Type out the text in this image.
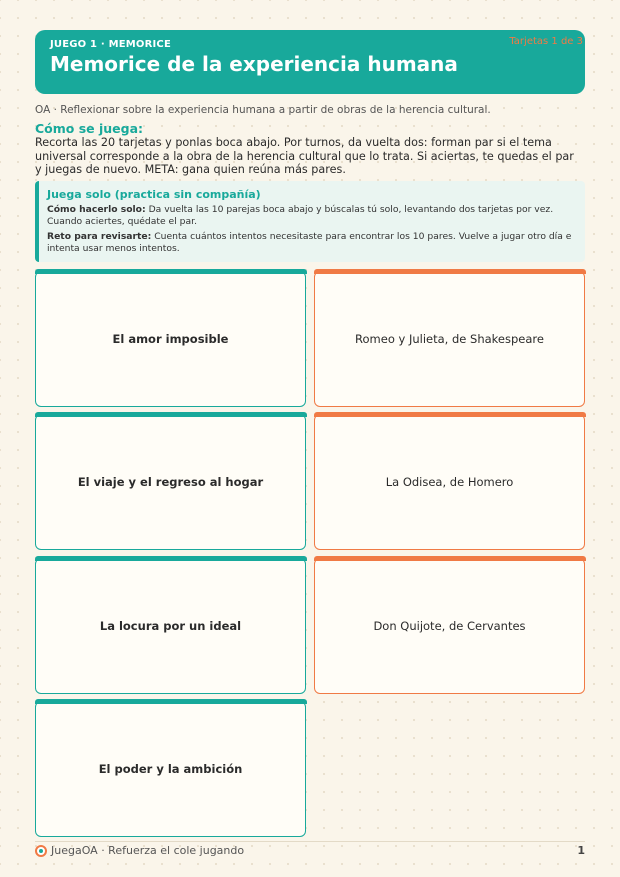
JUEGO 1 · MEMORICE
Memorice de la experiencia humana
Tarjetas 1 de 3
OA · Reflexionar sobre la experiencia humana a partir de obras de la herencia cultural.
Cómo se juega:
Recorta las 20 tarjetas y ponlas boca abajo. Por turnos, da vuelta dos: forman par si el tema universal corresponde a la obra de la herencia cultural que lo trata. Si aciertas, te quedas el par y juegas de nuevo. META: gana quien reúna más pares.
Juega solo (practica sin compañía)

Cómo hacerlo solo: Da vuelta las 10 parejas boca abajo y búscalas tú solo, levantando dos tarjetas por vez. Cuando aciertes, quédate el par.

Reto para revisarte: Cuenta cuántos intentos necesitaste para encontrar los 10 pares. Vuelve a jugar otro día e intenta usar menos intentos.

El amor imposible	Romeo y Julieta, de Shakespeare
El viaje y el regreso al hogar	La Odisea, de Homero
La locura por un ideal	Don Quijote, de Cervantes
El poder y la ambición
JuegaOA · Refuerza el cole jugando	1
